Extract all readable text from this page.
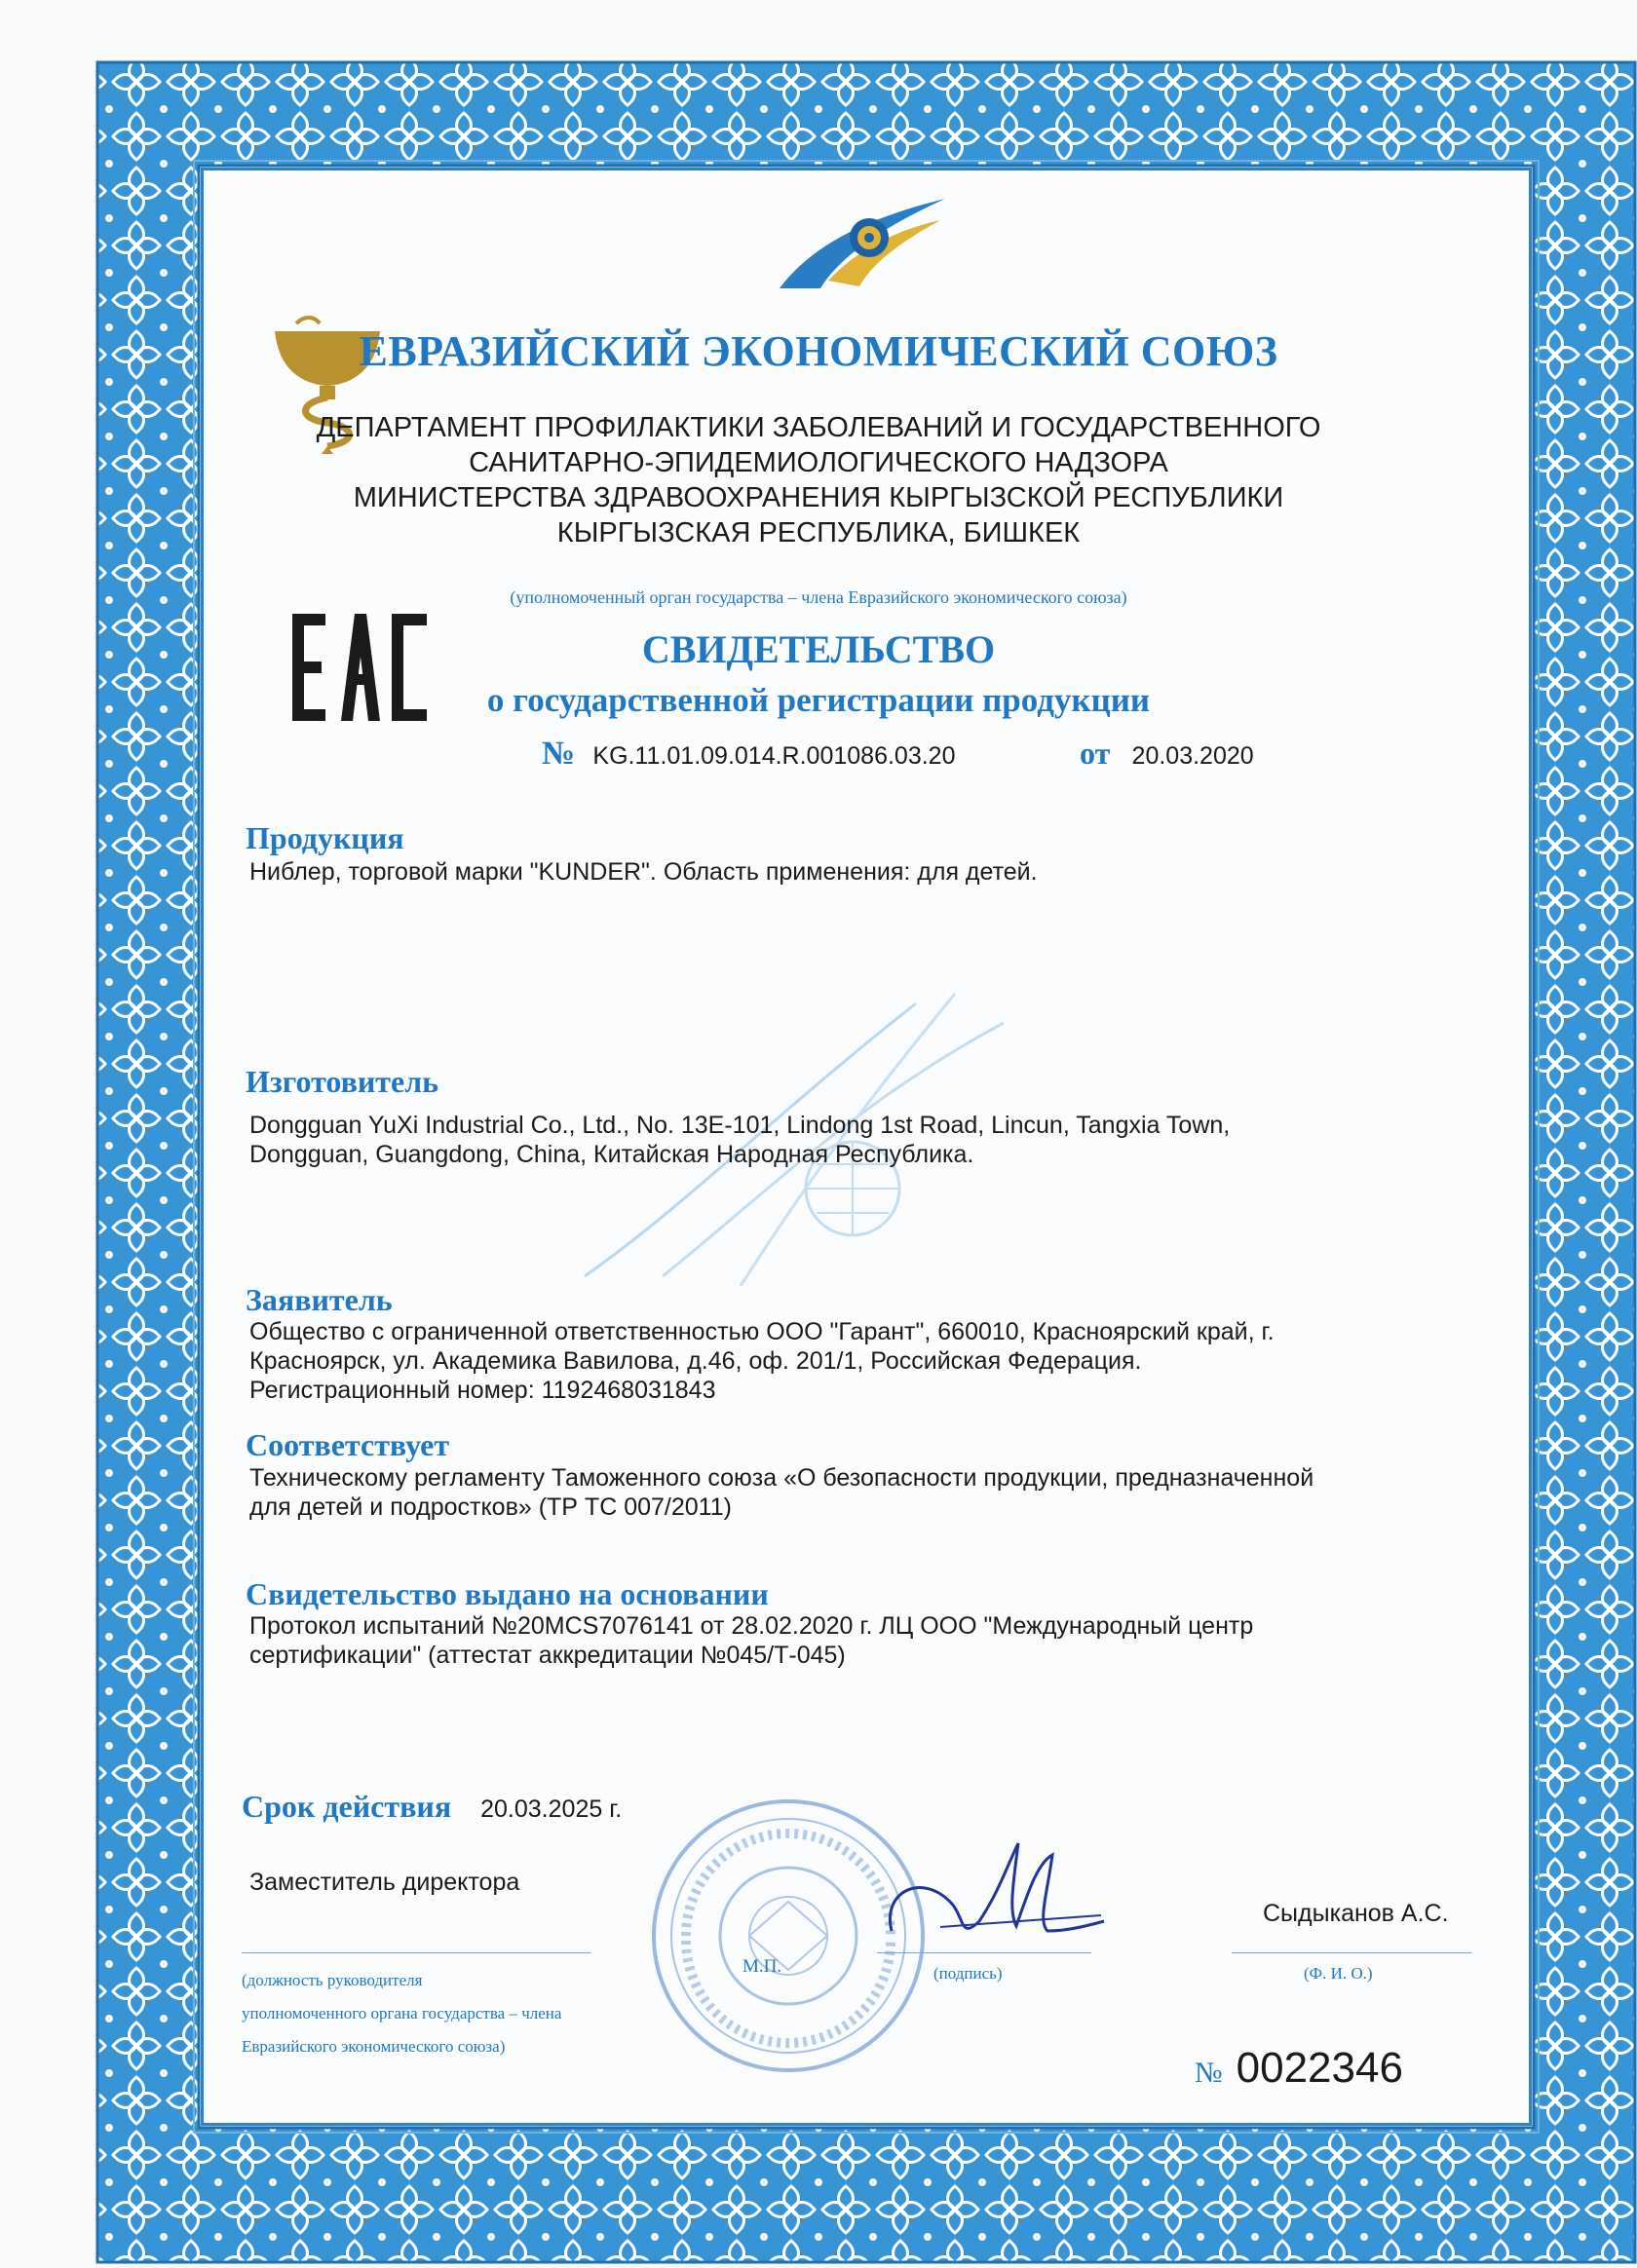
ЕВРАЗИЙСКИЙ ЭКОНОМИЧЕСКИЙ СОЮЗ
ДЕПАРТАМЕНТ ПРОФИЛАКТИКИ ЗАБОЛЕВАНИЙ И ГОСУДАРСТВЕННОГО
САНИТАРНО-ЭПИДЕМИОЛОГИЧЕСКОГО НАДЗОРА
МИНИСТЕРСТВА ЗДРАВООХРАНЕНИЯ КЫРГЫЗСКОЙ РЕСПУБЛИКИ
КЫРГЫЗСКАЯ РЕСПУБЛИКА, БИШКЕК
(уполномоченный орган государства – члена Евразийского экономического союза)
СВИДЕТЕЛЬСТВО
о государственной регистрации продукции
№ KG.11.01.09.014.R.001086.03.20	от 20.03.2020
Продукция
Ниблер, торговой марки "KUNDER". Область применения: для детей.
Изготовитель
Dongguan YuXi Industrial Co., Ltd., No. 13E-101, Lindong 1st Road, Lincun, Tangxia Town,
Dongguan, Guangdong, China, Китайская Народная Республика.
Заявитель
Общество с ограниченной ответственностью ООО "Гарант", 660010, Красноярский край, г.
Красноярск, ул. Академика Вавилова, д.46, оф. 201/1, Российская Федерация.
Регистрационный номер: 1192468031843
Соответствует
Техническому регламенту Таможенного союза «О безопасности продукции, предназначенной
для детей и подростков» (ТР ТС 007/2011)
Свидетельство выдано на основании
Протокол испытаний №20MCS7076141 от 28.02.2020 г. ЛЦ ООО "Международный центр
сертификации" (аттестат аккредитации №045/Т-045)
Срок действия 20.03.2025 г.
Заместитель директора
Сыдыканов А.С.
(должность руководителя
уполномоченного органа государства – члена
Евразийского экономического союза)
М.П.	(подпись)	(Ф. И. О.)
№ 0022346
